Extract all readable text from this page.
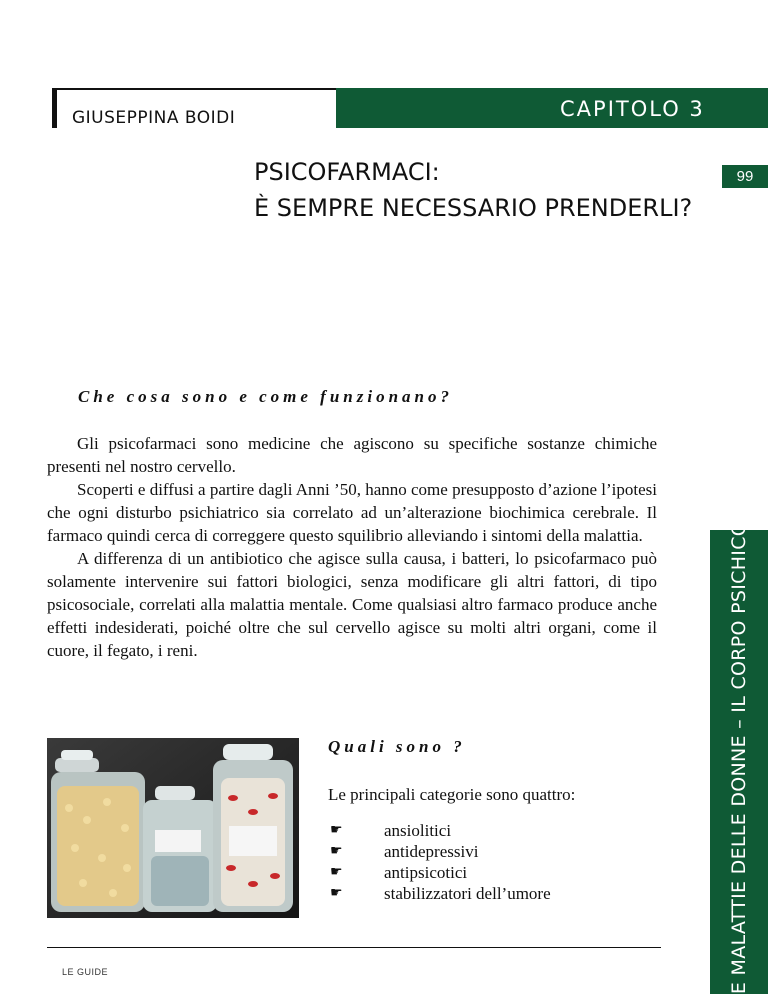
GIUSEPPINA BOIDI	CAPITOLO 3
PSICOFARMACI:
È SEMPRE NECESSARIO PRENDERLI?
99
LE MALATTIE DELLE DONNE – IL CORPO PSICHICO
Che cosa sono e come funzionano?

Gli psicofarmaci sono medicine che agiscono su specifiche sostanze chimiche presenti nel nostro cervello.

Scoperti e diffusi a partire dagli Anni ’50, hanno come presupposto d’azione l’ipotesi che ogni disturbo psichiatrico sia correlato ad un’alterazione biochimica cerebrale. Il farmaco quindi cerca di correggere questo squilibrio alleviando i sintomi della malattia.

A differenza di un antibiotico che agisce sulla causa, i batteri, lo psicofarmaco può solamente intervenire sui fattori biologici, senza modificare gli altri fattori, di tipo psicosociale, correlati alla malattia mentale. Come qualsiasi altro farmaco produce anche effetti indesiderati, poiché oltre che sul cervello agisce su molti altri organi, come il cuore, il fegato, i reni.

Quali sono ?
Le principali categorie sono quattro:
☛ ansiolitici
☛ antidepressivi
☛ antipsicotici
☛ stabilizzatori dell’umore
LE GUIDE
